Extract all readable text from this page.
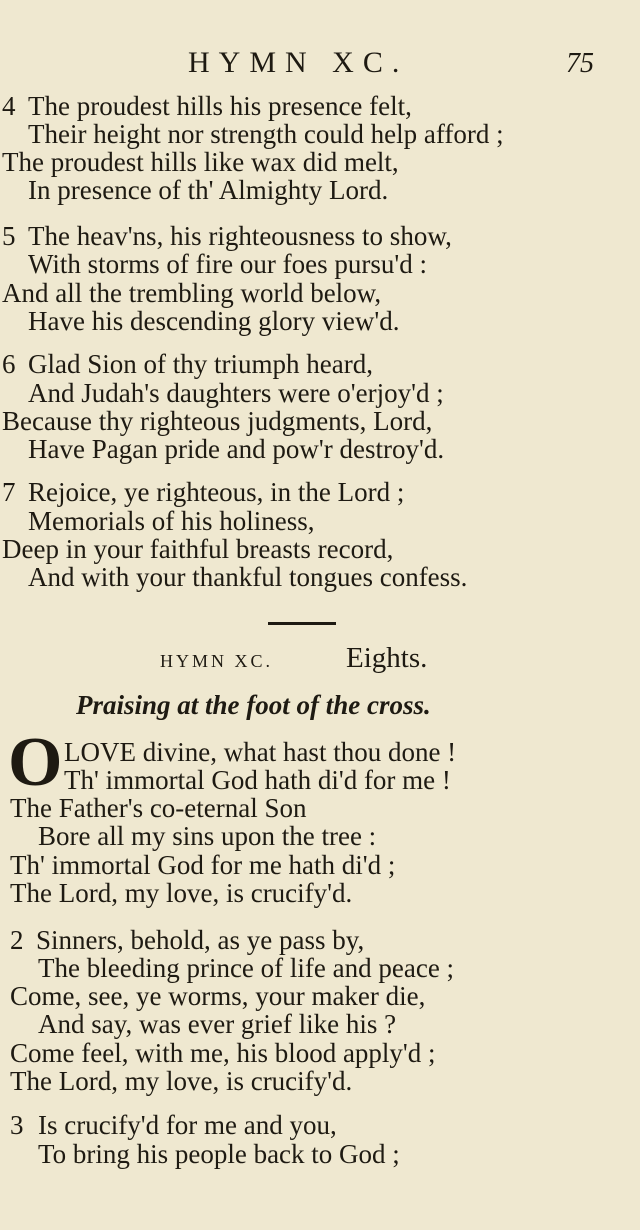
HYMN XC.	75
4 The proudest hills his presence felt,
Their height nor strength could help afford ;
The proudest hills like wax did melt,
In presence of th' Almighty Lord.
5 The heav'ns, his righteousness to show,
With storms of fire our foes pursu'd :
And all the trembling world below,
Have his descending glory view'd.
6 Glad Sion of thy triumph heard,
And Judah's daughters were o'erjoy'd ;
Because thy righteous judgments, Lord,
Have Pagan pride and pow'r destroy'd.
7 Rejoice, ye righteous, in the Lord ;
Memorials of his holiness,
Deep in your faithful breasts record,
And with your thankful tongues confess.
HYMN XC.	Eights.
Praising at the foot of the cross.
O LOVE divine, what hast thou done !
Th' immortal God hath di'd for me !
The Father's co-eternal Son
Bore all my sins upon the tree :
Th' immortal God for me hath di'd ;
The Lord, my love, is crucify'd.
2 Sinners, behold, as ye pass by,
The bleeding prince of life and peace ;
Come, see, ye worms, your maker die,
And say, was ever grief like his ?
Come feel, with me, his blood apply'd ;
The Lord, my love, is crucify'd.
3 Is crucify'd for me and you,
To bring his people back to God ;
